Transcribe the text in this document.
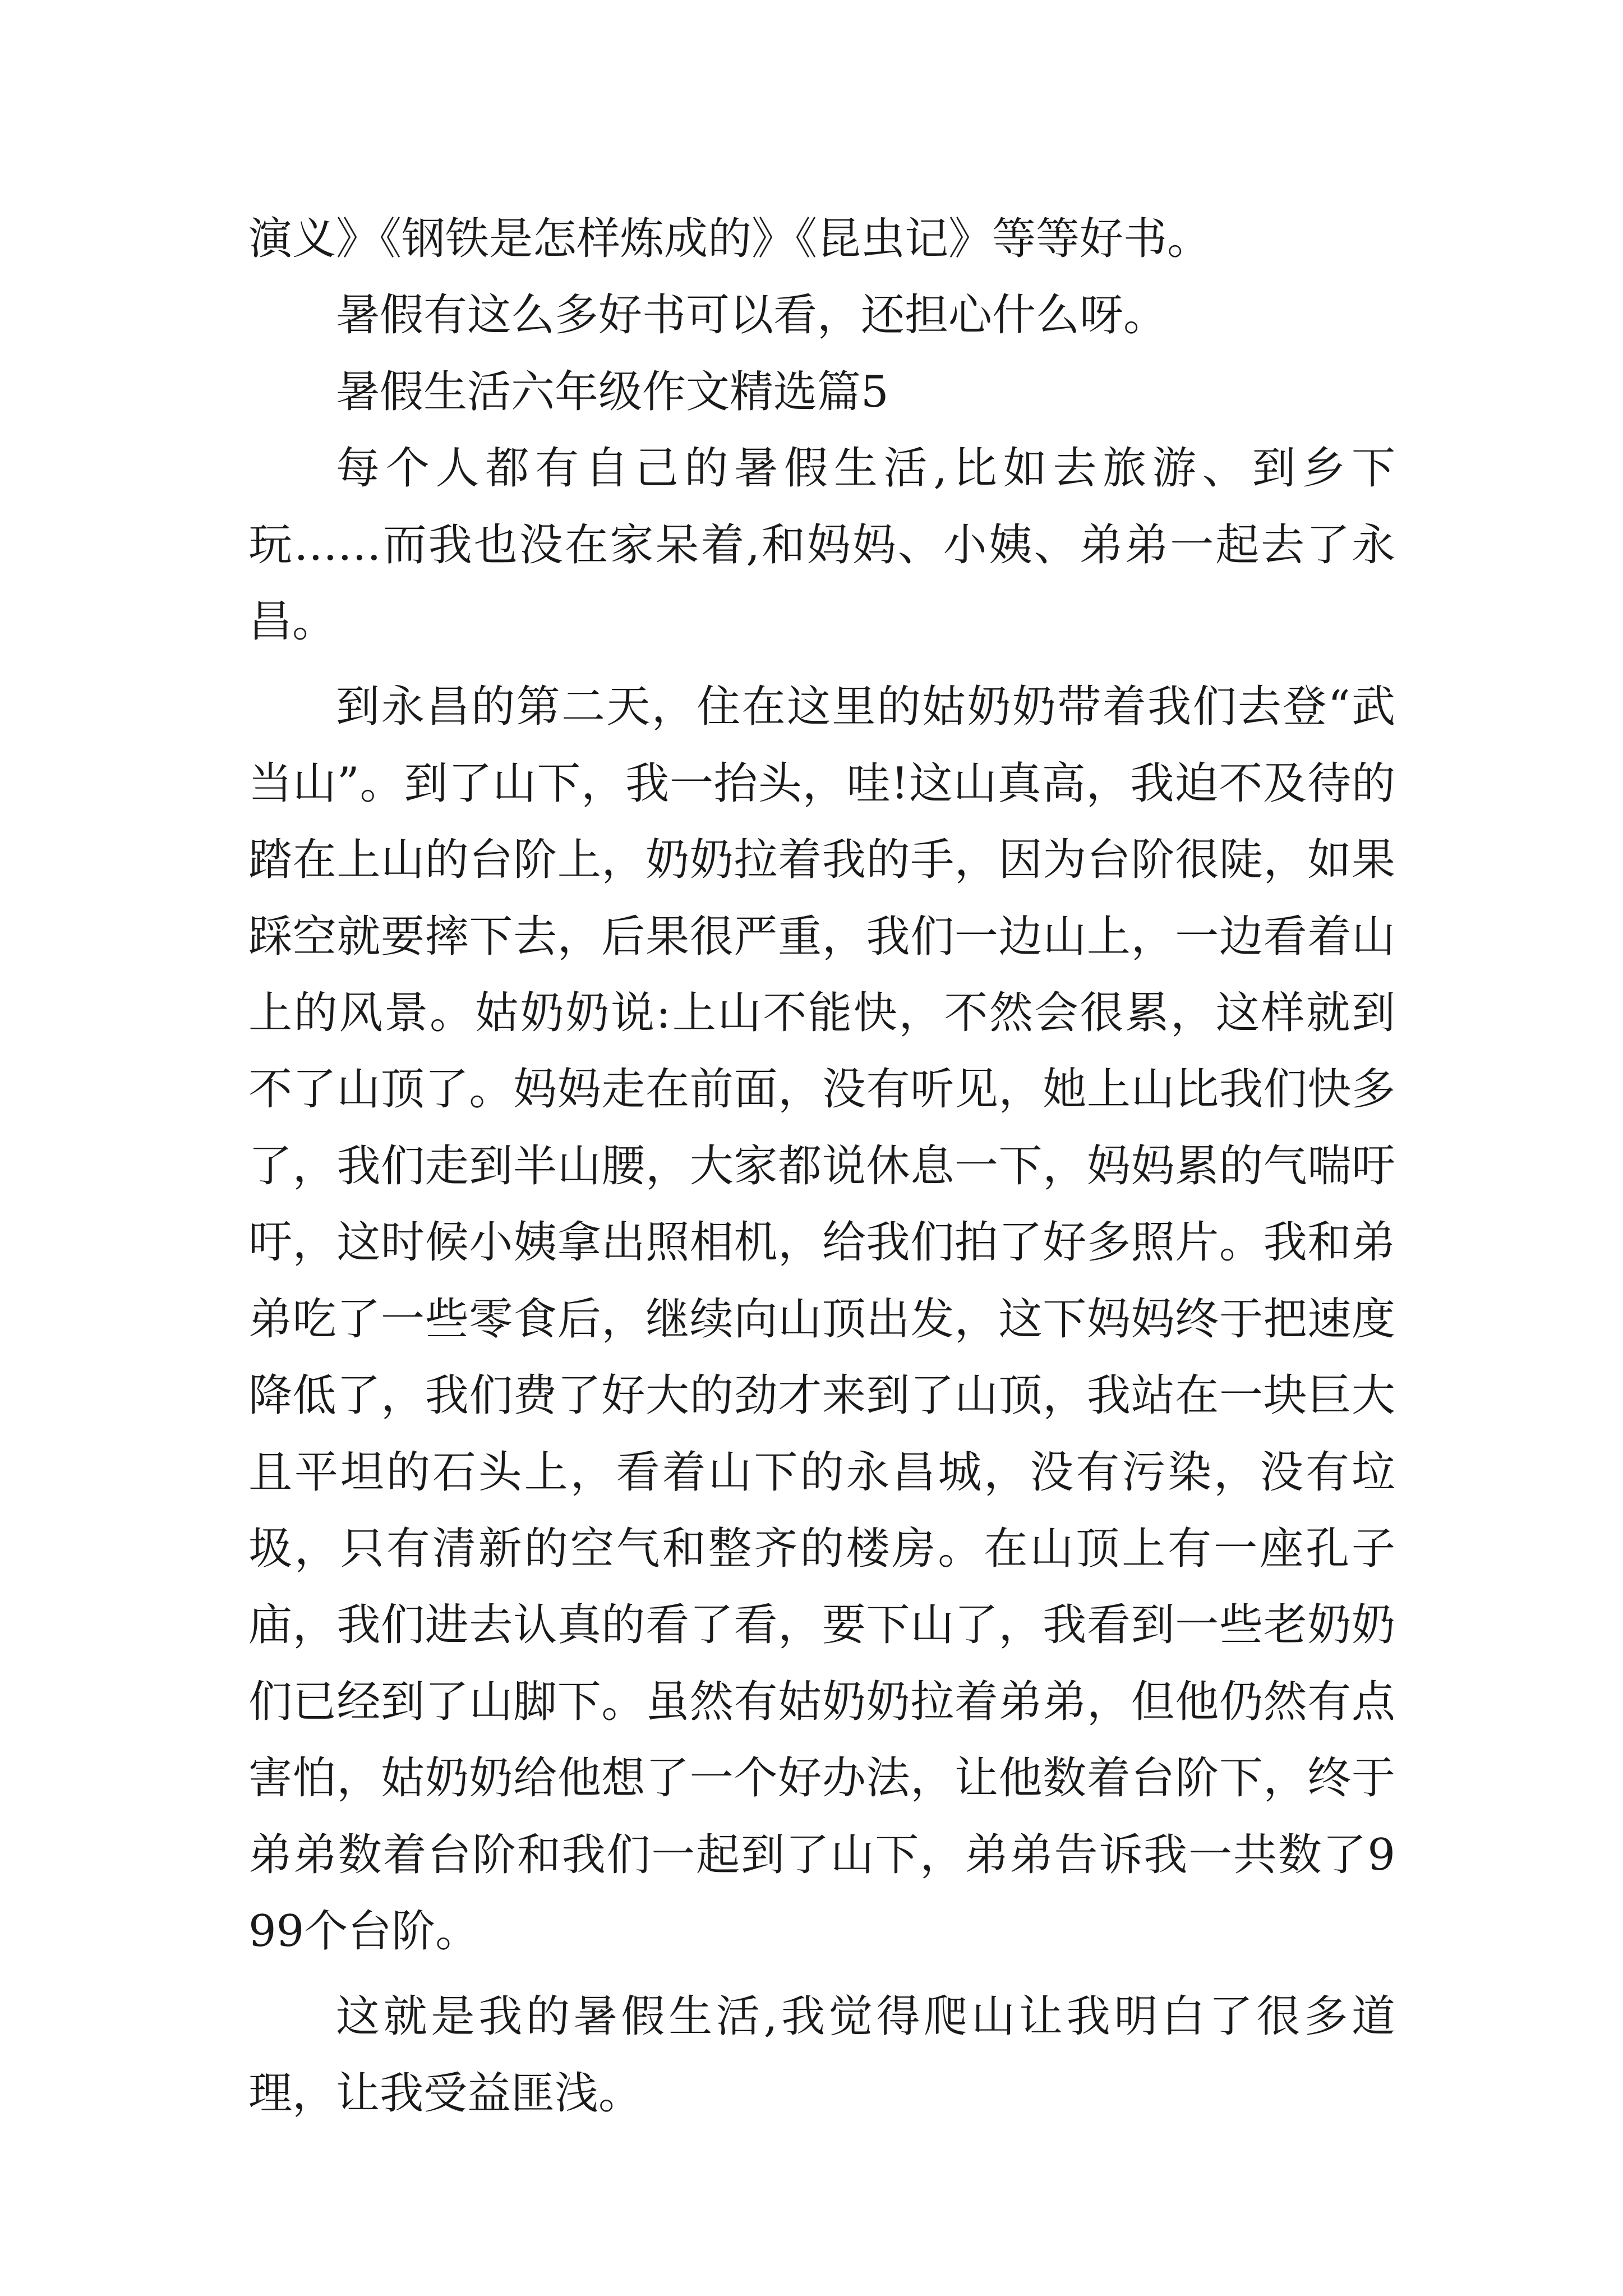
演义》《钢铁是怎样炼成的》《昆虫记》等等好书。

暑假有这么多好书可以看，还担心什么呀。

暑假生活六年级作文精选篇5

每个人都有自己的暑假生活,比如去旅游、到乡下玩……而我也没在家呆着,和妈妈、小姨、弟弟一起去了永昌。

到永昌的第二天，住在这里的姑奶奶带着我们去登“武当山”。到了山下，我一抬头，哇!这山真高，我迫不及待的踏在上山的台阶上，奶奶拉着我的手，因为台阶很陡，如果踩空就要摔下去，后果很严重，我们一边山上，一边看着山上的风景。姑奶奶说:上山不能快，不然会很累，这样就到不了山顶了。妈妈走在前面，没有听见，她上山比我们快多了，我们走到半山腰，大家都说休息一下，妈妈累的气喘吁吁，这时候小姨拿出照相机，给我们拍了好多照片。我和弟弟吃了一些零食后，继续向山顶出发，这下妈妈终于把速度降低了，我们费了好大的劲才来到了山顶，我站在一块巨大且平坦的石头上，看着山下的永昌城，没有污染，没有垃圾，只有清新的空气和整齐的楼房。在山顶上有一座孔子庙，我们进去认真的看了看，要下山了，我看到一些老奶奶们已经到了山脚下。虽然有姑奶奶拉着弟弟，但他仍然有点害怕，姑奶奶给他想了一个好办法，让他数着台阶下，终于弟弟数着台阶和我们一起到了山下，弟弟告诉我一共数了999个台阶。

这就是我的暑假生活,我觉得爬山让我明白了很多道理，让我受益匪浅。
